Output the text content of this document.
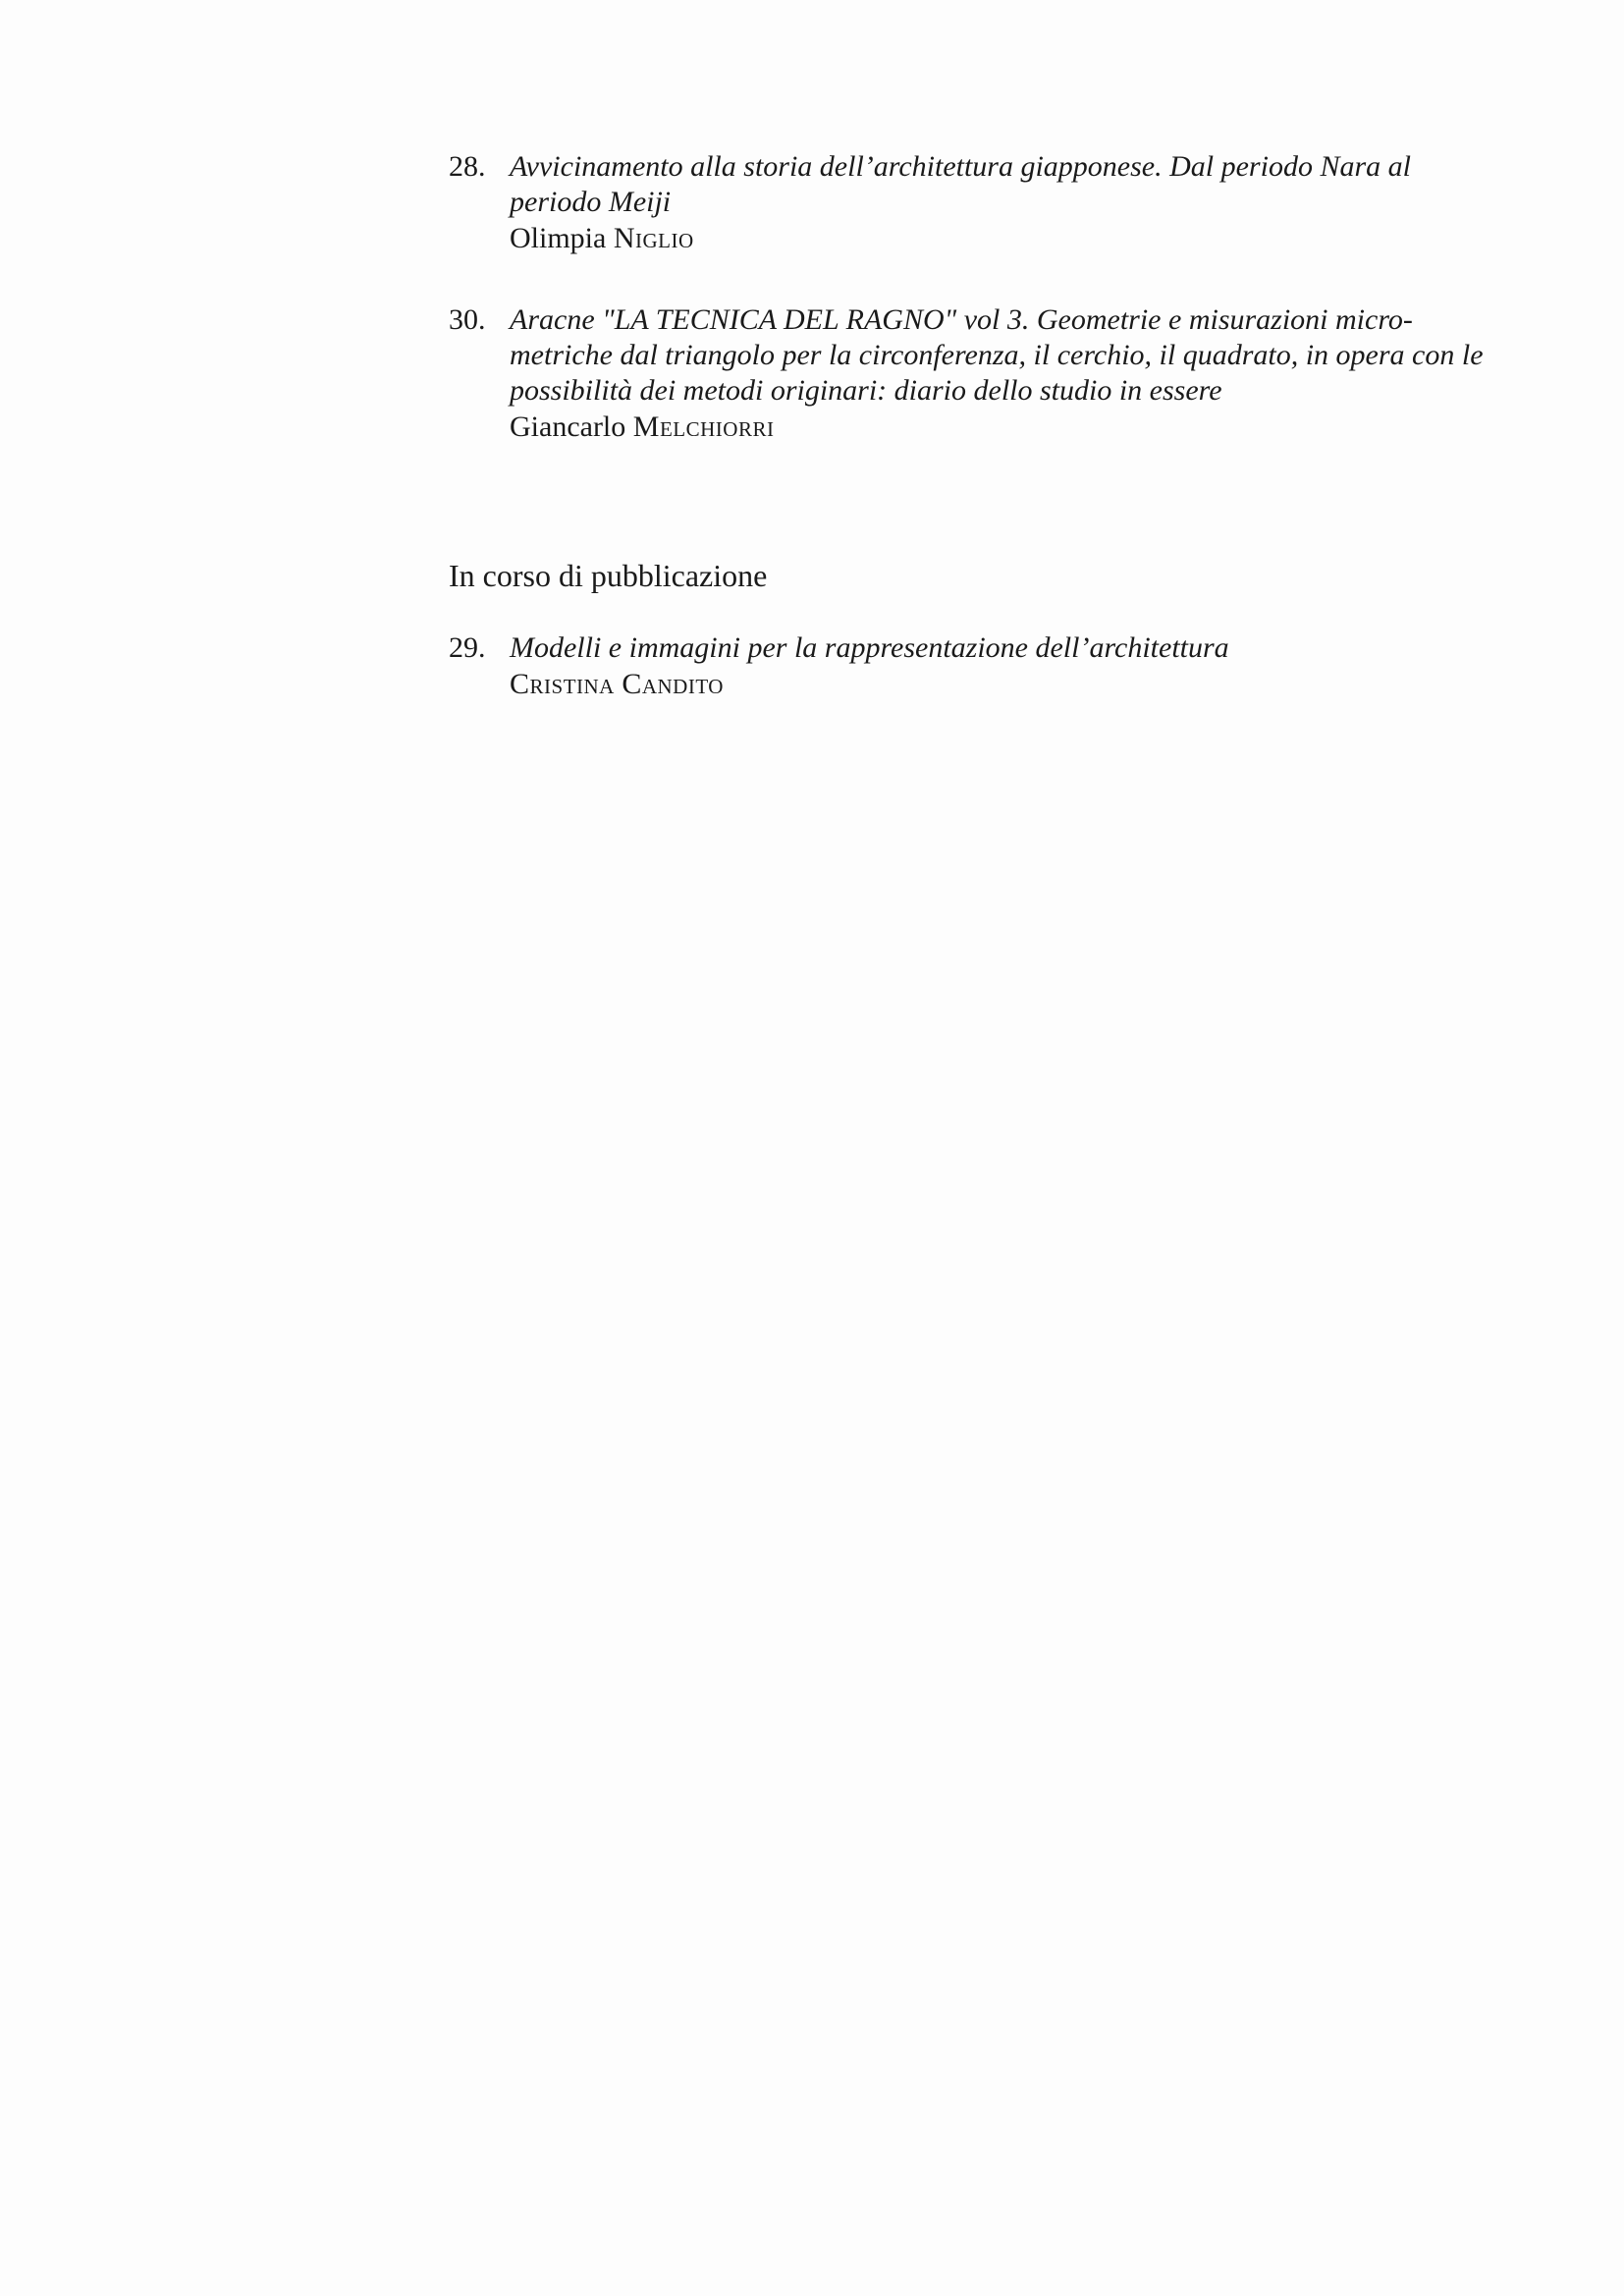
28. Avvicinamento alla storia dell’architettura giapponese. Dal periodo Nara al periodo Meiji
Olimpia Niglio
30. Aracne "LA TECNICA DEL RAGNO" vol 3. Geometrie e misurazioni micrometriche dal triangolo per la circonferenza, il cerchio, il quadrato, in opera con le possibilità dei metodi originari: diario dello studio in essere
Giancarlo Melchiorri
In corso di pubblicazione
29. Modelli e immagini per la rappresentazione dell’architettura
Cristina Candito
